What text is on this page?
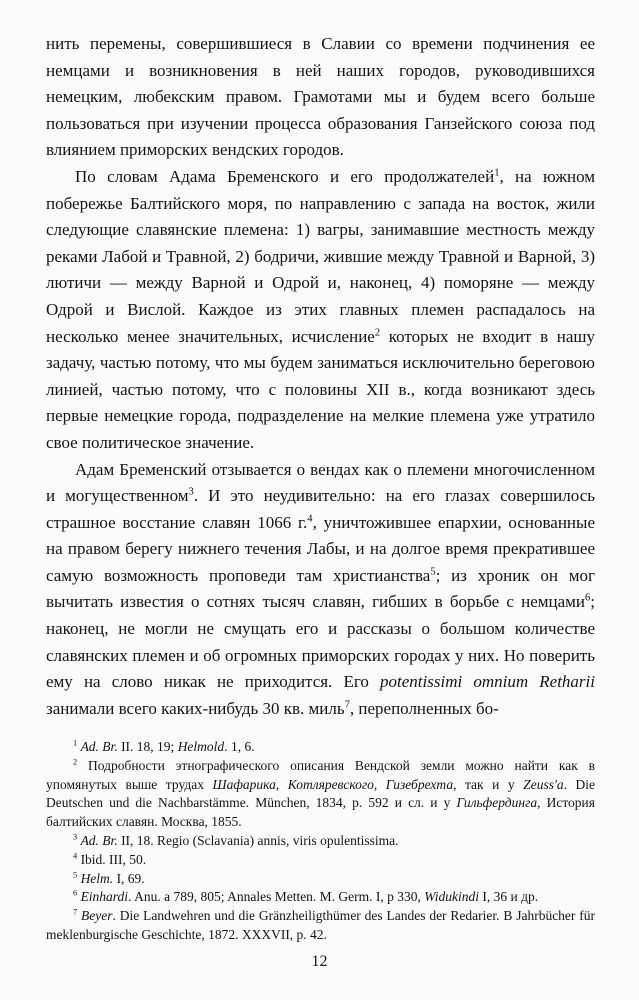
нить перемены, совершившиеся в Славии со времени подчинения ее немцами и возникновения в ней наших городов, руководившихся немецким, любекским правом. Грамотами мы и будем всего больше пользоваться при изучении процесса образования Ганзейского союза под влиянием приморских вендских городов.

По словам Адама Бременского и его продолжателей$^1$, на южном побережье Балтийского моря, по направлению с запада на восток, жили следующие славянские племена: 1) вагры, занимавшие местность между реками Лабой и Травной, 2) бодричи, жившие между Травной и Варной, 3) лютичи — между Варной и Одрой и, наконец, 4) поморяне — между Одрой и Вислой. Каждое из этих главных племен распадалось на несколько менее значительных, исчисление$^2$ которых не входит в нашу задачу, частью потому, что мы будем заниматься исключительно береговою линией, частью потому, что с половины XII в., когда возникают здесь первые немецкие города, подразделение на мелкие племена уже утратило свое политическое значение.

Адам Бременский отзывается о вендах как о племени многочисленном и могущественном$^3$. И это неудивительно: на его глазах совершилось страшное восстание славян 1066 г.$^4$, уничтожившее епархии, основанные на правом берегу нижнего течения Лабы, и на долгое время прекратившее самую возможность проповеди там христианства$^5$; из хроник он мог вычитать известия о сотнях тысяч славян, гибших в борьбе с немцами$^6$; наконец, не могли не смущать его и рассказы о большом количестве славянских племен и об огромных приморских городах у них. Но поверить ему на слово никак не приходится. Его potentissimi omnium Retharii занимали всего каких-нибудь 30 кв. миль$^7$, переполненных бо-

$^1$ Ad. Br. II. 18, 19; Helmold. 1, 6.

$^2$ Подробности этнографического описания Вендской земли можно найти как в упомянутых выше трудах Шафарика, Котляревского, Гизебрехта, так и у Zeuss'a. Die Deutschen und die Nachbarstämme. München, 1834, p. 592 и сл. и у Гильфердинга, История балтийских славян. Москва, 1855.

$^3$ Ad. Br. II, 18. Regio (Sclavania) annis, viris opulentissima.

$^4$ Ibid. III, 50.

$^5$ Helm. I, 69.

$^6$ Einhardi. Anu. a 789, 805; Annales Metten. M. Germ. I, p 330, Widukindi I, 36 и др.

$^7$ Beyer. Die Landwehren und die Gränzheiligthümer des Landes der Redarier. В Jahrbücher für meklenburgische Geschichte, 1872. XXXVII, p. 42.

12
